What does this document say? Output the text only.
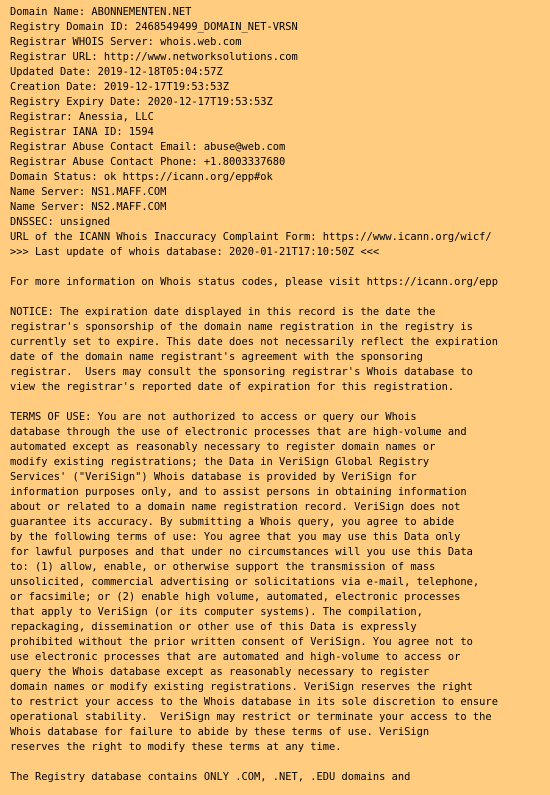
Domain Name: ABONNEMENTEN.NET
Registry Domain ID: 2468549499_DOMAIN_NET-VRSN
Registrar WHOIS Server: whois.web.com
Registrar URL: http://www.networksolutions.com
Updated Date: 2019-12-18T05:04:57Z
Creation Date: 2019-12-17T19:53:53Z
Registry Expiry Date: 2020-12-17T19:53:53Z
Registrar: Anessia, LLC
Registrar IANA ID: 1594
Registrar Abuse Contact Email: abuse@web.com
Registrar Abuse Contact Phone: +1.8003337680
Domain Status: ok https://icann.org/epp#ok
Name Server: NS1.MAFF.COM
Name Server: NS2.MAFF.COM
DNSSEC: unsigned
URL of the ICANN Whois Inaccuracy Complaint Form: https://www.icann.org/wicf/
>>> Last update of whois database: 2020-01-21T17:10:50Z <<<
For more information on Whois status codes, please visit https://icann.org/epp
NOTICE: The expiration date displayed in this record is the date the
registrar's sponsorship of the domain name registration in the registry is
currently set to expire. This date does not necessarily reflect the expiration
date of the domain name registrant's agreement with the sponsoring
registrar.  Users may consult the sponsoring registrar's Whois database to
view the registrar's reported date of expiration for this registration.
TERMS OF USE: You are not authorized to access or query our Whois
database through the use of electronic processes that are high-volume and
automated except as reasonably necessary to register domain names or
modify existing registrations; the Data in VeriSign Global Registry
Services' ("VeriSign") Whois database is provided by VeriSign for
information purposes only, and to assist persons in obtaining information
about or related to a domain name registration record. VeriSign does not
guarantee its accuracy. By submitting a Whois query, you agree to abide
by the following terms of use: You agree that you may use this Data only
for lawful purposes and that under no circumstances will you use this Data
to: (1) allow, enable, or otherwise support the transmission of mass
unsolicited, commercial advertising or solicitations via e-mail, telephone,
or facsimile; or (2) enable high volume, automated, electronic processes
that apply to VeriSign (or its computer systems). The compilation,
repackaging, dissemination or other use of this Data is expressly
prohibited without the prior written consent of VeriSign. You agree not to
use electronic processes that are automated and high-volume to access or
query the Whois database except as reasonably necessary to register
domain names or modify existing registrations. VeriSign reserves the right
to restrict your access to the Whois database in its sole discretion to ensure
operational stability.  VeriSign may restrict or terminate your access to the
Whois database for failure to abide by these terms of use. VeriSign
reserves the right to modify these terms at any time.
The Registry database contains ONLY .COM, .NET, .EDU domains and
